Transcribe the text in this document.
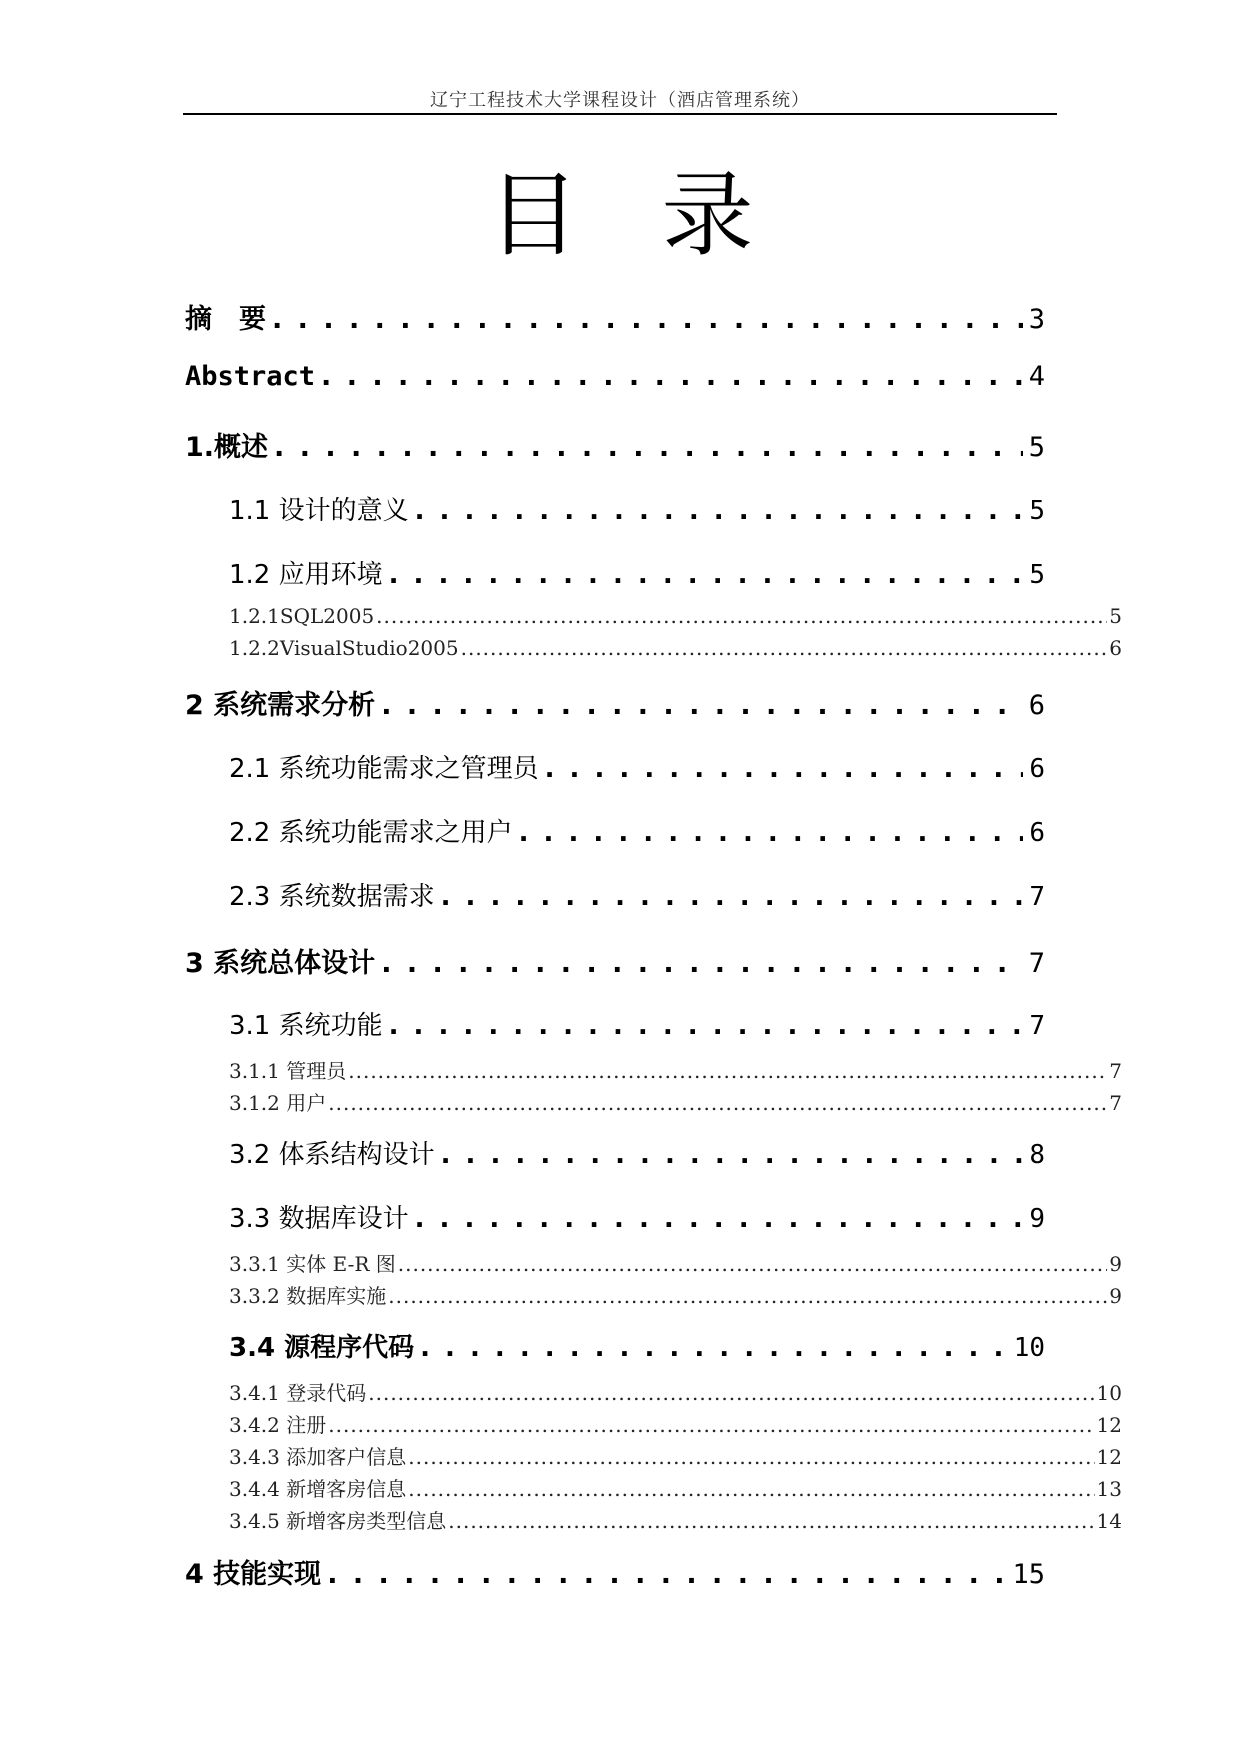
辽宁工程技术大学课程设计（酒店管理系统）
目录
摘　要 . . .	3
Abstract . . .	4
1.概述 . . .	5
1.1 设计的意义 . . .	5
1.2 应用环境 . . .	5
1.2.1SQL2005 .....	5
1.2.2VisualStudio2005 .....	6
2 系统需求分析 . . .	6
2.1 系统功能需求之管理员 . . .	6
2.2 系统功能需求之用户 . . .	6
2.3 系统数据需求 . . .	7
3 系统总体设计 . . .	7
3.1 系统功能 . . .	7
3.1.1 管理员 .....	7
3.1.2 用户 .....	7
3.2 体系结构设计 . . .	8
3.3 数据库设计 . . .	9
3.3.1 实体 E-R 图 .....	9
3.3.2 数据库实施 .....	9
3.4 源程序代码 . . .	10
3.4.1 登录代码 .....	10
3.4.2 注册 .....	12
3.4.3 添加客户信息 .....	12
3.4.4 新增客房信息 .....	13
3.4.5 新增客房类型信息 .....	14
4 技能实现 . . .	15
